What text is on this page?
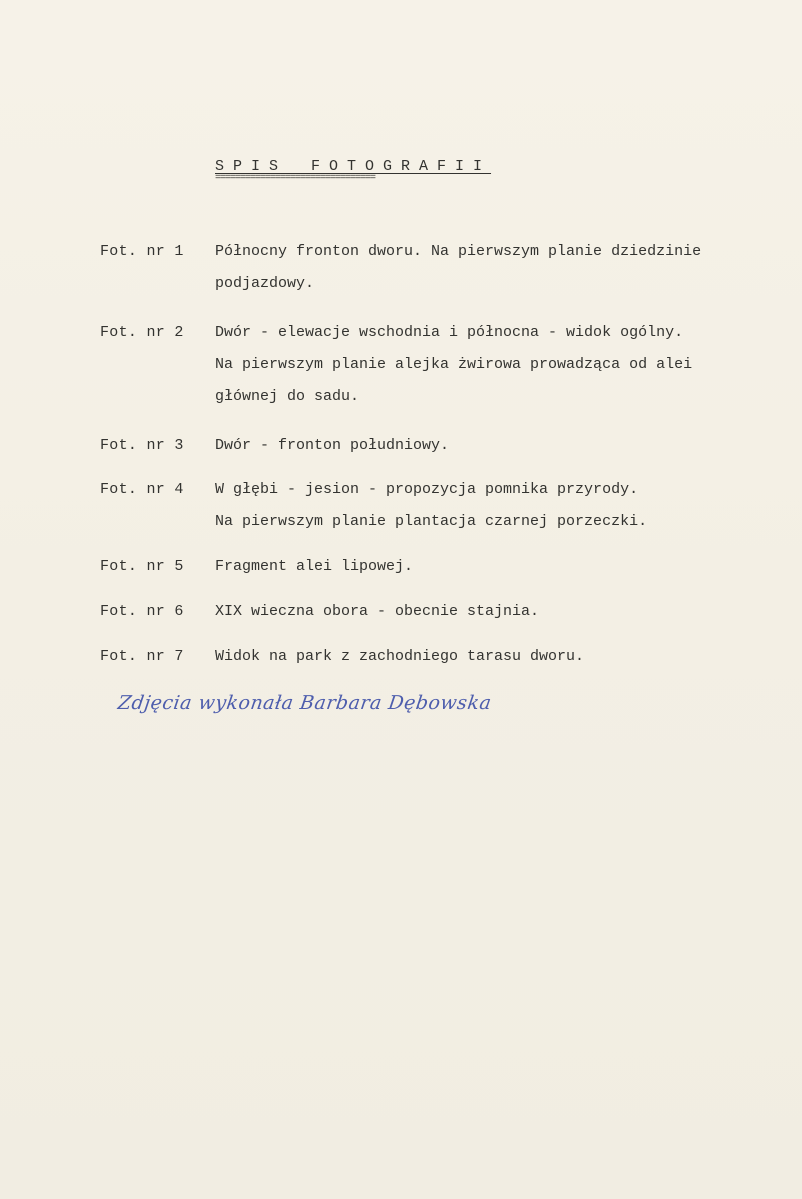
SPIS FOTOGRAFII
================================
Fot. nr 1	Północny fronton dworu. Na pierwszym planie dziedzinie
podjazdowy.
Fot. nr 2	Dwór - elewacje wschodnia i północna - widok ogólny.
Na pierwszym planie alejka żwirowa prowadząca od alei
głównej do sadu.
Fot. nr 3	Dwór - fronton południowy.
Fot. nr 4	W głębi - jesion - propozycja pomnika przyrody.
Na pierwszym planie plantacja czarnej porzeczki.
Fot. nr 5	Fragment alei lipowej.
Fot. nr 6	XIX wieczna obora - obecnie stajnia.
Fot. nr 7	Widok na park z zachodniego tarasu dworu.
Zdjęcia wykonała Barbara Dębowska
